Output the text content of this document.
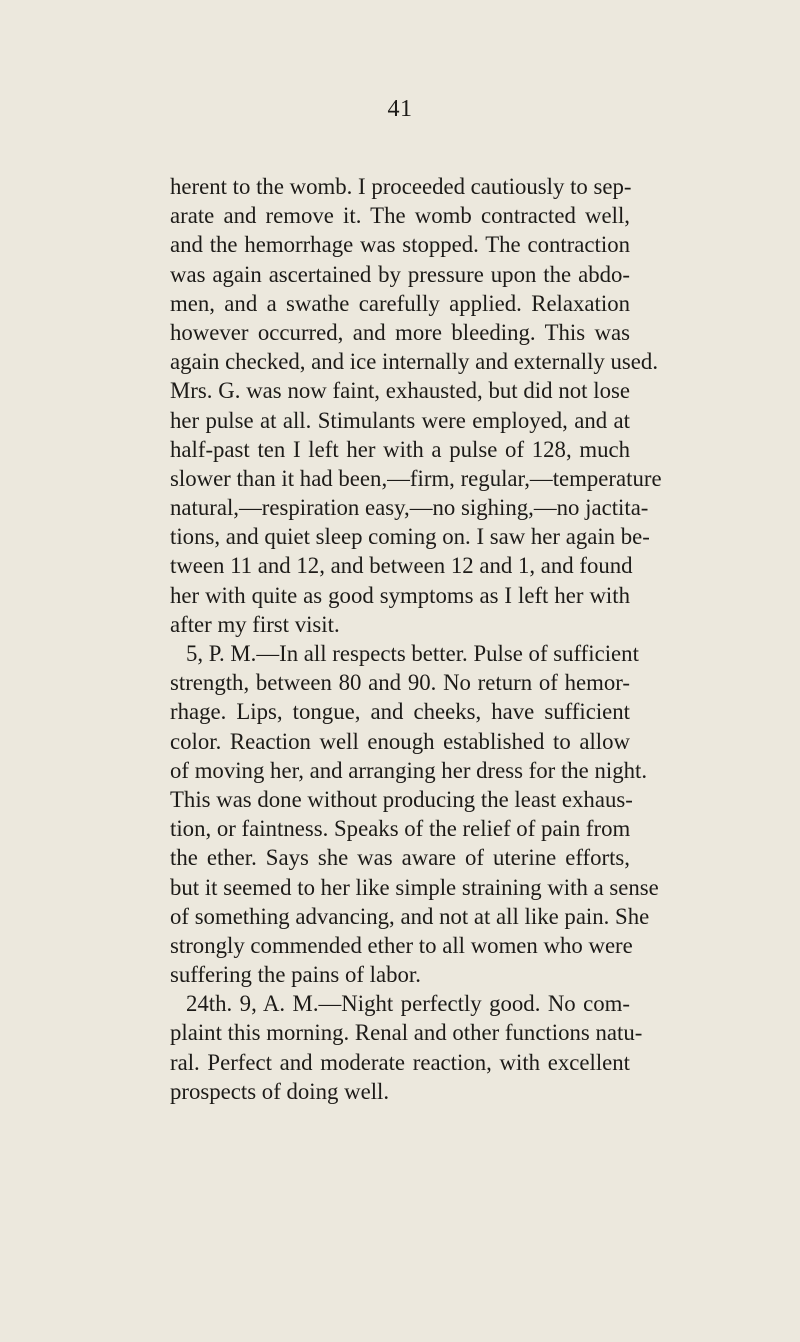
41
herent to the womb. I proceeded cautiously to sep-
arate and remove it. The womb contracted well,
and the hemorrhage was stopped. The contraction
was again ascertained by pressure upon the abdo-
men, and a swathe carefully applied. Relaxation
however occurred, and more bleeding. This was
again checked, and ice internally and externally used.
Mrs. G. was now faint, exhausted, but did not lose
her pulse at all. Stimulants were employed, and at
half-past ten I left her with a pulse of 128, much
slower than it had been,—firm, regular,—temperature
natural,—respiration easy,—no sighing,—no jactita-
tions, and quiet sleep coming on. I saw her again be-
tween 11 and 12, and between 12 and 1, and found
her with quite as good symptoms as I left her with
after my first visit.
5, P. M.—In all respects better. Pulse of sufficient
strength, between 80 and 90. No return of hemor-
rhage. Lips, tongue, and cheeks, have sufficient
color. Reaction well enough established to allow
of moving her, and arranging her dress for the night.
This was done without producing the least exhaus-
tion, or faintness. Speaks of the relief of pain from
the ether. Says she was aware of uterine efforts,
but it seemed to her like simple straining with a sense
of something advancing, and not at all like pain. She
strongly commended ether to all women who were
suffering the pains of labor.
24th. 9, A. M.—Night perfectly good. No com-
plaint this morning. Renal and other functions natu-
ral. Perfect and moderate reaction, with excellent
prospects of doing well.
